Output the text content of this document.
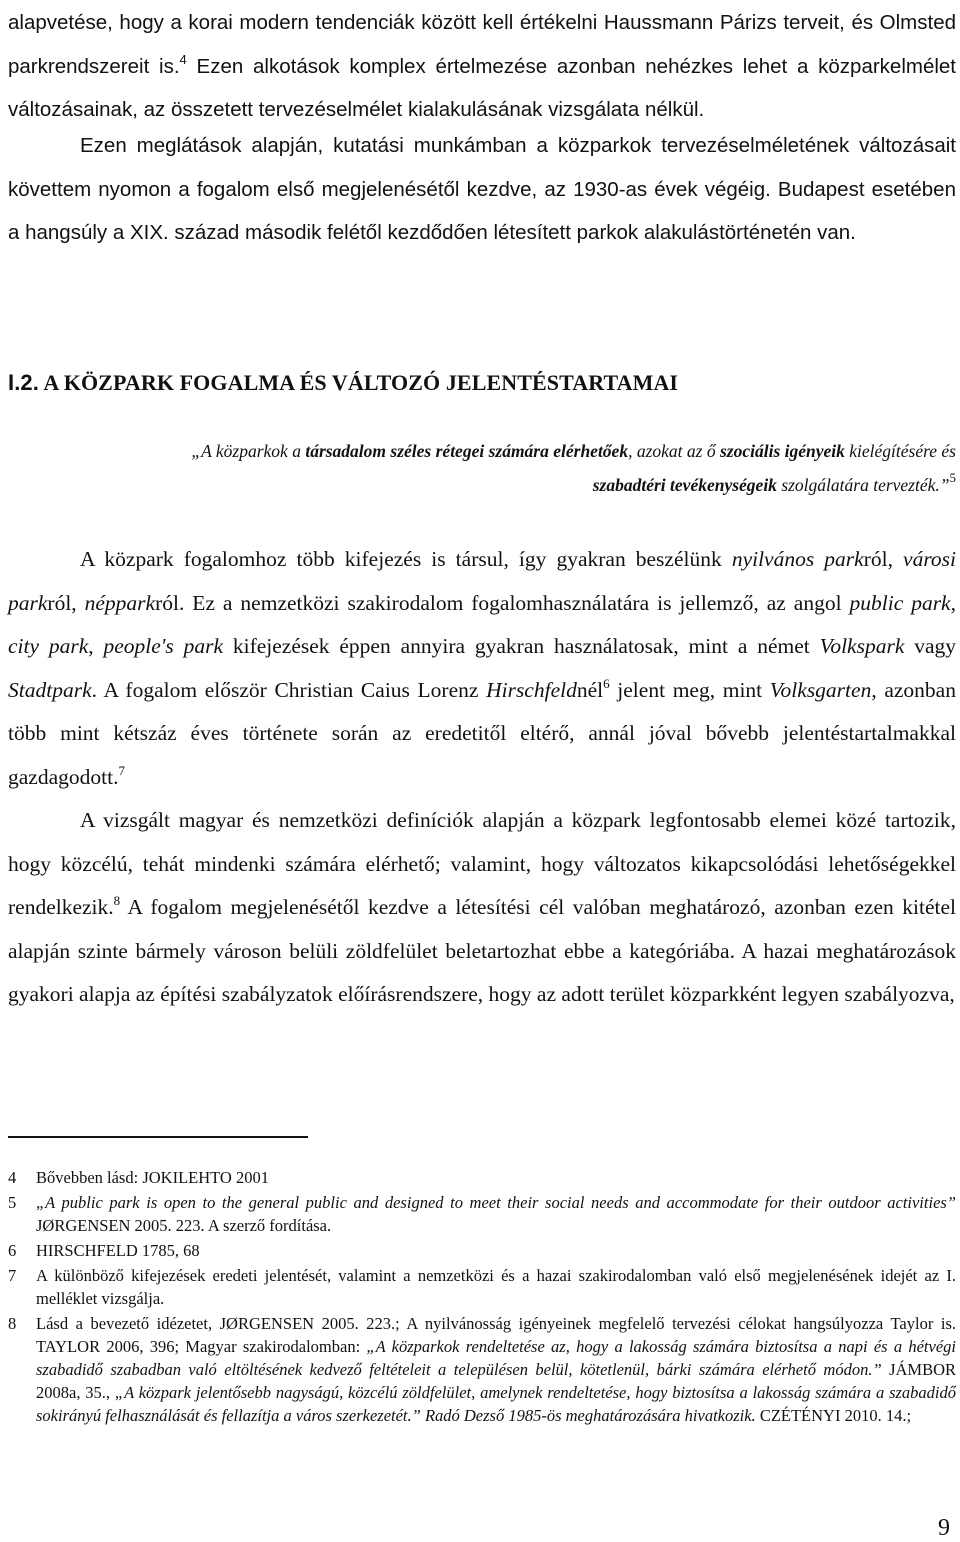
alapvetése, hogy a korai modern tendenciák között kell értékelni Haussmann Párizs terveit, és Olmsted parkrendszereit is.$^4$ Ezen alkotások komplex értelmezése azonban nehézkes lehet a közparkelmélet változásainak, az összetett tervezéselmélet kialakulásának vizsgálata nélkül.

Ezen meglátások alapján, kutatási munkámban a közparkok tervezéselméletének változásait követtem nyomon a fogalom első megjelenésétől kezdve, az 1930-as évek végéig. Budapest esetében a hangsúly a XIX. század második felétől kezdődően létesített parkok alakulástörténetén van.

I.2. A KÖZPARK FOGALMA ÉS VÁLTOZÓ JELENTÉSTARTAMAI

„A közparkok a társadalom széles rétegei számára elérhetőek, azokat az ő szociális igényeik kielégítésére és
szabadtéri tevékenységeik szolgálatára tervezték.”$^5$

A közpark fogalomhoz több kifejezés is társul, így gyakran beszélünk nyilvános parkról, városi parkról, népparkról. Ez a nemzetközi szakirodalom fogalomhasználatára is jellemző, az angol public park, city park, people's park kifejezések éppen annyira gyakran használatosak, mint a német Volkspark vagy Stadtpark. A fogalom először Christian Caius Lorenz Hirschfeldnél$^6$ jelent meg, mint Volksgarten, azonban több mint kétszáz éves története során az eredetitől eltérő, annál jóval bővebb jelentéstartalmakkal gazdagodott.$^7$

A vizsgált magyar és nemzetközi definíciók alapján a közpark legfontosabb elemei közé tartozik, hogy közcélú, tehát mindenki számára elérhető; valamint, hogy változatos kikapcsolódási lehetőségekkel rendelkezik.$^8$ A fogalom megjelenésétől kezdve a létesítési cél valóban meghatározó, azonban ezen kitétel alapján szinte bármely városon belüli zöldfelület beletartozhat ebbe a kategóriába. A hazai meghatározások gyakori alapja az építési szabályzatok előírásrendszere, hogy az adott terület közparkként legyen szabályozva,

4 Bővebben lásd: JOKILEHTO 2001
5 „A public park is open to the general public and designed to meet their social needs and accommodate for their outdoor activities” JØRGENSEN 2005. 223. A szerző fordítása.
6 HIRSCHFELD 1785, 68
7 A különböző kifejezések eredeti jelentését, valamint a nemzetközi és a hazai szakirodalomban való első megjelenésének idejét az I. melléklet vizsgálja.
8 Lásd a bevezető idézetet, JØRGENSEN 2005. 223.; A nyilvánosság igényeinek megfelelő tervezési célokat hangsúlyozza Taylor is. TAYLOR 2006, 396; Magyar szakirodalomban: „A közparkok rendeltetése az, hogy a lakosság számára biztosítsa a napi és a hétvégi szabadidő szabadban való eltöltésének kedvező feltételeit a településen belül, kötetlenül, bárki számára elérhető módon.” JÁMBOR 2008a, 35., „A közpark jelentősebb nagyságú, közcélú zöldfelület, amelynek rendeltetése, hogy biztosítsa a lakosság számára a szabadidő sokirányú felhasználását és fellazítja a város szerkezetét.” Radó Dezső 1985-ös meghatározására hivatkozik. CZÉTÉNYI 2010. 14.;
9
